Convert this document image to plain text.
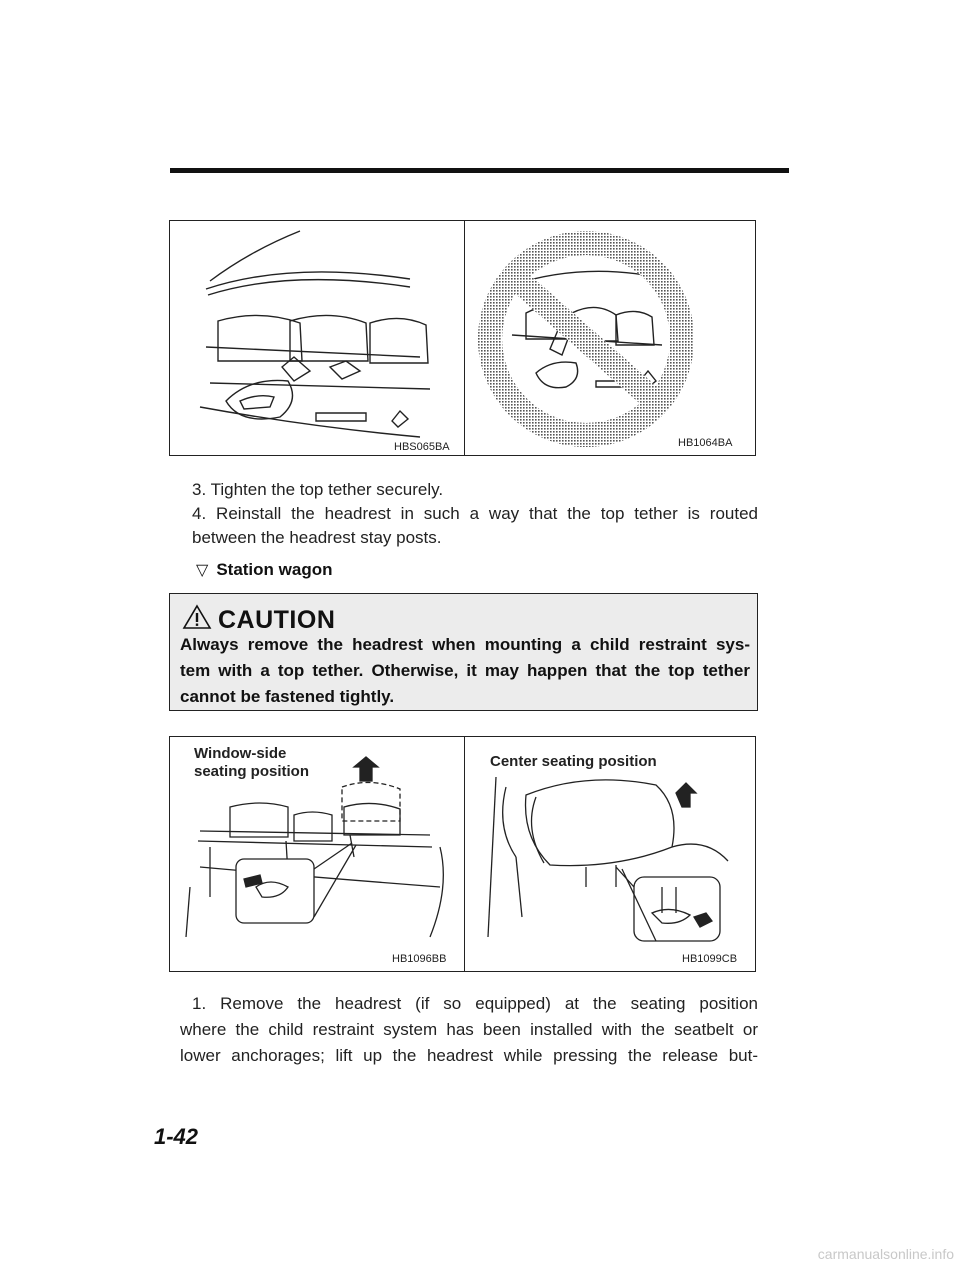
HBS065BA	HB1064BA
3. Tighten the top tether securely.
4. Reinstall the headrest in such a way that the top tether is routed between the headrest stay posts.
▽ Station wagon
CAUTION
Always remove the headrest when mounting a child restraint sys-
tem with a top tether. Otherwise, it may happen that the top tether
cannot be fastened tightly.
Window-side
seating position
HB1096BB
Center seating position
HB1099CB
1. Remove the headrest (if so equipped) at the seating position
where the child restraint system has been installed with the seatbelt or
lower anchorages; lift up the headrest while pressing the release but-
1-42
carmanualsonline.info
